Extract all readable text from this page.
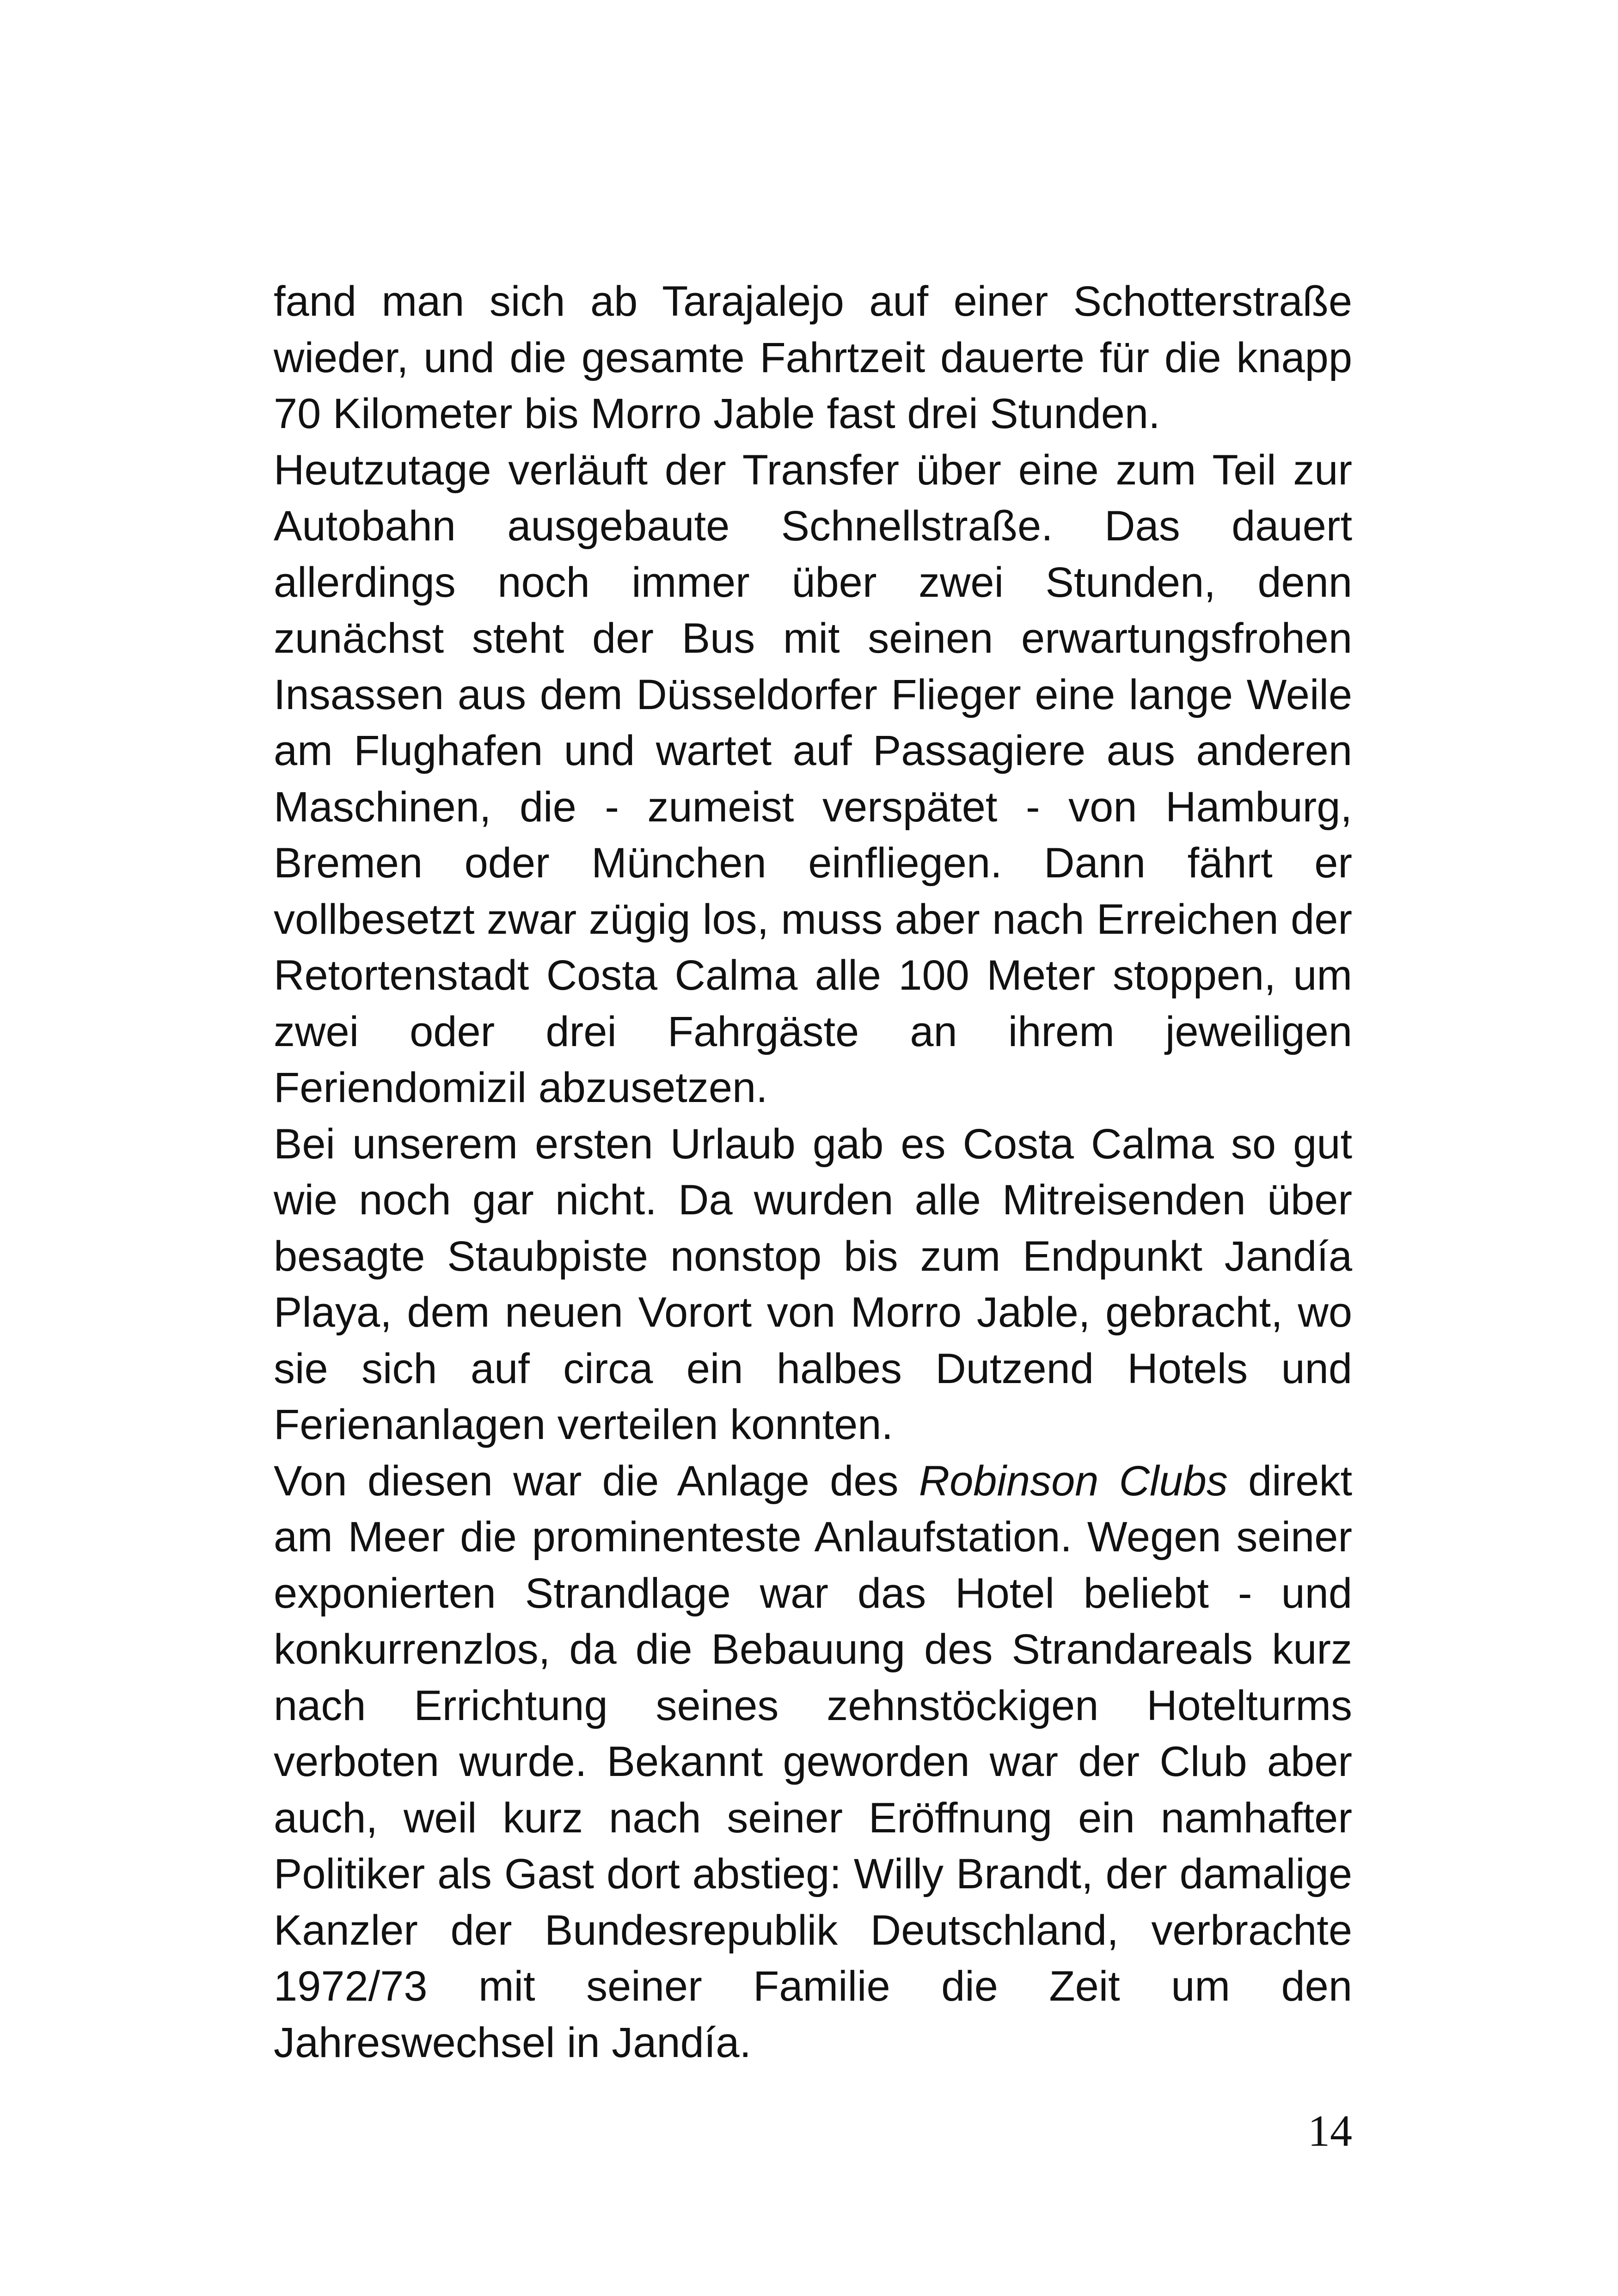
fand man sich ab Tarajalejo auf einer Schotterstraße wieder, und die gesamte Fahrtzeit dauerte für die knapp 70 Kilometer bis Morro Jable fast drei Stunden.

Heutzutage verläuft der Transfer über eine zum Teil zur Autobahn ausgebaute Schnellstraße. Das dauert allerdings noch immer über zwei Stunden, denn zunächst steht der Bus mit seinen erwartungsfrohen Insassen aus dem Düsseldorfer Flieger eine lange Weile am Flughafen und wartet auf Passagiere aus anderen Maschinen, die - zumeist verspätet - von Hamburg, Bremen oder München einfliegen. Dann fährt er vollbesetzt zwar zügig los, muss aber nach Erreichen der Retortenstadt Costa Calma alle 100 Meter stoppen, um zwei oder drei Fahrgäste an ihrem jeweiligen Feriendomizil abzusetzen.

Bei unserem ersten Urlaub gab es Costa Calma so gut wie noch gar nicht. Da wurden alle Mitreisenden über besagte Staubpiste nonstop bis zum Endpunkt Jandía Playa, dem neuen Vorort von Morro Jable, gebracht, wo sie sich auf circa ein halbes Dutzend Hotels und Ferienanlagen verteilen konnten.

Von diesen war die Anlage des Robinson Clubs direkt am Meer die prominenteste Anlaufstation. Wegen seiner exponierten Strandlage war das Hotel beliebt - und konkurrenzlos, da die Bebauung des Strandareals kurz nach Errichtung seines zehnstöckigen Hotelturms verboten wurde. Bekannt geworden war der Club aber auch, weil kurz nach seiner Eröffnung ein namhafter Politiker als Gast dort abstieg: Willy Brandt, der damalige Kanzler der Bundesrepublik Deutschland, verbrachte 1972/73 mit seiner Familie die Zeit um den Jahreswechsel in Jandía.

14
